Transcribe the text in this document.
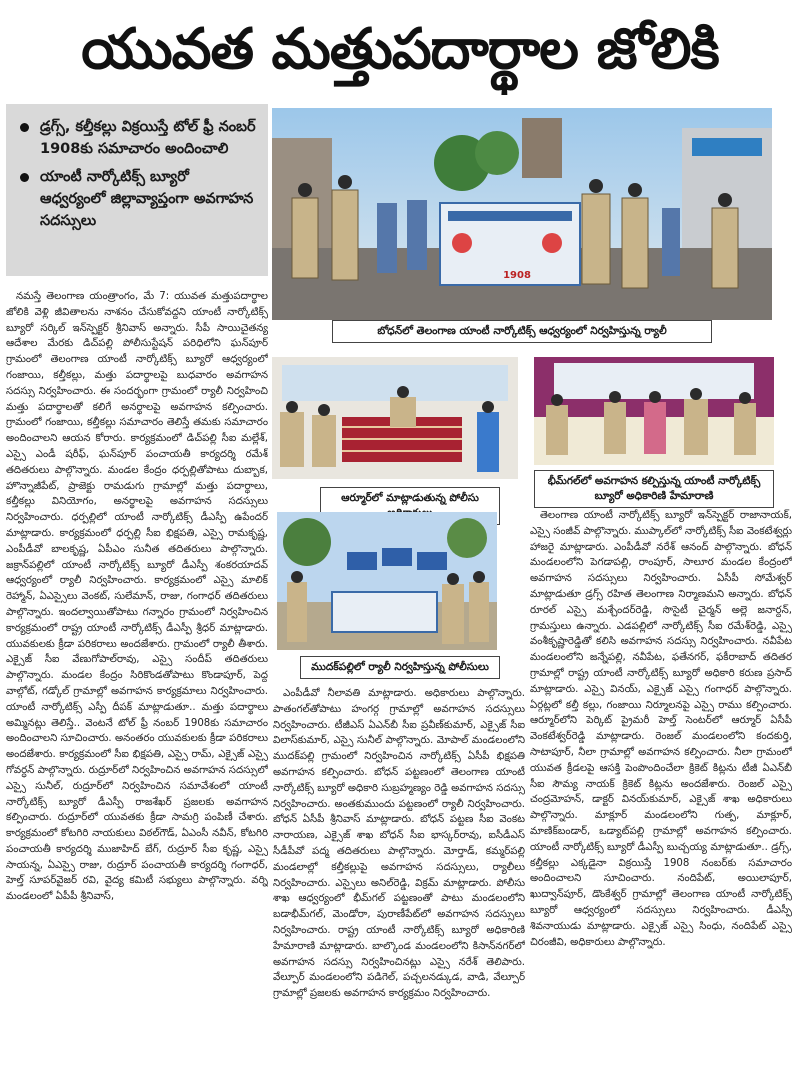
యువత మత్తుపదార్థాల జోలికి
డ్రగ్స్, కల్తీకల్లు విక్రయిస్తే టోల్ ఫ్రీ నంబర్ 1908కు సమాచారం అందించాలి
యాంటీ నార్కోటిక్స్ బ్యూరో ఆధ్వర్యంలో జిల్లావ్యాప్తంగా అవగాహన సదస్సులు
1908
బోధన్‌లో తెలంగాణ యాంటీ నార్కోటిక్స్ ఆధ్వర్యంలో నిర్వహిస్తున్న ర్యాలీ
ఆర్మూర్‌లో మాట్లాడుతున్న పోలీసు
భీమ్‌గల్‌లో అవగాహన కల్పిస్తున్న యాంటీ నార్కోటిక్స్ బ్యూరో అధికారిణి హేమారాణి
ముదక్‌పల్లిలో ర్యాలీ నిర్వహిస్తున్న పోలీసులు

నమస్తే తెలంగాణ యంత్రాంగం, మే 7: యువత మత్తుపదార్థాల జోలికి వెళ్లి జీవితాలను నాశనం చేసుకోవద్దని యాంటీ నార్కోటిక్స్ బ్యూరో సర్కిల్ ఇన్‌స్పెక్టర్ శ్రీనివాస్ అన్నారు. సీపీ సాయిచైతన్య ఆదేశాల మేరకు డిచ్‌పల్లి పోలీసుస్టేషన్ పరిధిలోని ఘన్‌పూర్ గ్రామంలో తెలంగాణ యాంటీ నార్కోటిక్స్ బ్యూరో ఆధ్వర్యంలో గంజాయి, కల్తీకల్లు, మత్తు పదార్థాలపై బుధవారం అవగాహన సదస్సు నిర్వహించారు. ఈ సందర్భంగా గ్రామంలో ర్యాలీ నిర్వహించి మత్తు పదార్థాలతో కలిగే అనర్థాలపై అవగాహన కల్పించారు. గ్రామంలో గంజాయి, కల్తీకల్లు సమాచారం తెలిస్తే తమకు సమాచారం అందించాలని ఆయన కోరారు. కార్యక్రమంలో డిచ్‌పల్లి సీఐ మల్లేశ్, ఎస్సై ఎండీ షరీఫ్, ఘన్‌పూర్ పంచాయతీ కార్యదర్శి రమేశ్ తదితరులు పాల్గొన్నారు. మండల కేంద్రం ధర్పల్లితోపాటు దుబ్బాక, హొన్నాజీపేట్, ప్రాజెక్టు రామడుగు గ్రామాల్లో మత్తు పదార్థాలు, కల్తీకల్లు వినియోగం, అనర్థాలపై అవగాహన సదస్సులు నిర్వహించారు. ధర్పల్లిలో యాంటీ నార్కోటిక్స్ డీఎస్పీ ఉపేందర్ మాట్లాడారు. కార్యక్రమంలో ధర్పల్లి సీఐ భిక్షపతి, ఎస్సై రామకృష్ణ, ఎంపీడీవో బాలకృష్ణ, ఏపీఎం సునీత తదితరులు పాల్గొన్నారు. జక్రాన్‌పల్లిలో యాంటీ నార్కోటిక్స్ బ్యూరో డీఎస్పీ శంకరయాదవ్ ఆధ్వర్యంలో ర్యాలీ నిర్వహించారు. కార్యక్రమంలో ఎస్సై మాలిక్ రెహ్మాన్, ఏఎస్సైలు వెంకట్, సులేమాన్, రాజు, గంగాధర్ తదితరులు పాల్గొన్నారు. ఇందల్వాయితోపాటు గన్నారం గ్రామంలో నిర్వహించిన కార్యక్రమంలో రాష్ట్ర యాంటీ నార్కోటిక్స్ డీఎస్పీ శ్రీధర్ మాట్లాడారు. యువకులకు క్రీడా పరికరాలు అందజేశారు. గ్రామంలో ర్యాలీ తీశారు. ఎక్సైజ్ సీఐ వేణుగోపాల్‌రావు, ఎస్సై సందీప్ తదితరులు పాల్గొన్నారు. మండల కేంద్రం సిరికొండతోపాటు కొండాపూర్, పెద్ద వాల్గోట్, గడ్కోల్ గ్రామాల్లో అవగాహన కార్యక్రమాలు నిర్వహించారు. యాంటీ నార్కోటిక్స్ ఎస్పీ దీపక్ మాట్లాడుతూ.. మత్తు పదార్థాలు అమ్మినట్లు తెలిస్తే.. వెంటనే టోల్ ఫ్రీ నంబర్ 1908కు సమాచారం అందించాలని సూచించారు. అనంతరం యువకులకు క్రీడా పరికరాలు అందజేశారు. కార్యక్రమంలో సీఐ భిక్షపతి, ఎస్సై రామ్, ఎక్సైజ్ ఎస్సై గోవర్ధన్ పాల్గొన్నారు. రుద్రూర్‌లో నిర్వహించిన అవగాహన సదస్సులో ఎస్సై సునీల్, రుద్రూర్‌లో నిర్వహించిన సమావేశంలో యాంటీ నార్కోటిక్స్ బ్యూరో డీఎస్పీ రాజశేఖర్ ప్రజలకు అవగాహన కల్పించారు. రుద్రూర్‌లో యువతకు క్రీడా సామగ్రి పంపిణీ చేశారు. కార్యక్రమంలో కోటగిరి నాయకులు విఠల్‌గౌడ్, ఏఎంసీ నవీన్, కోటగిరి పంచాయతీ కార్యదర్శి ముజాహిద్ బేగ్, రుద్రూర్ సీఐ కృష్ణ, ఎస్సై సాయన్న, ఏఎస్సై రాజు, రుద్రూర్ పంచాయతీ కార్యదర్శి గంగాధర్, హెల్త్ సూపర్‌వైజర్ రవి, వైద్య కమిటీ సభ్యులు పాల్గొన్నారు. వర్ని మండలంలో ఏపీపీ శ్రీనివాస్,

ఎంపీడీవో నీలావతి మాట్లాడారు. అధికారులు పాల్గొన్నారు. పాతంగల్‌తోపాటు హంగర్గ గ్రామాల్లో అవగాహన సదస్సులు నిర్వహించారు. టీజీఎస్ ఏఎన్‌బీ సీఐ ప్రవీణ్‌కుమార్, ఎక్సైజ్ సీఐ విలాస్‌కుమార్, ఎస్సై సునీల్ పాల్గొన్నారు. మోపాల్ మండలంలోని ముదక్‌పల్లి గ్రామంలో నిర్వహించిన నార్కోటిక్స్ ఏసీపీ భిక్షపతి అవగాహన కల్పించారు. బోధన్ పట్టణంలో తెలంగాణ యాంటీ నార్కోటిక్స్ బ్యూరో అధికారి సుబ్రహ్మణ్యం రెడ్డి అవగాహన సదస్సు నిర్వహించారు. అంతకుముందు పట్టణంలో ర్యాలీ నిర్వహించారు. బోధన్ ఏసీపీ శ్రీనివాస్ మాట్లాడారు. బోధన్ పట్టణ సీఐ వెంకట నారాయణ, ఎక్సైజ్ శాఖ బోధన్ సీఐ భాస్కర్‌రావు, ఐసీడీఎస్ సీడీపీవో పద్మ తదితరులు పాల్గొన్నారు. మోర్తాడ్, కమ్మర్‌పల్లి మండలాల్లో కల్తీకల్లుపై అవగాహన సదస్సులు, ర్యాలీలు నిర్వహించారు. ఎస్సైలు అనిల్‌రెడ్డి, విక్రమ్ మాట్లాడారు. పోలీసు శాఖ ఆధ్వర్యంలో భీమ్‌గల్ పట్టణంతో పాటు మండలంలోని బడాభీమ్‌గల్, మెండోరా, పురాణీపేట్‌లో అవగాహన సదస్సులు నిర్వహించారు. రాష్ట్ర యాంటీ నార్కోటిక్స్ బ్యూరో అధికారిణి హేమారాణి మాట్లాడారు. బాల్కొండ మండలంలోని కిసాన్‌నగర్‌లో అవగాహన సదస్సు నిర్వహించినట్లు ఎస్సై నరేశ్ తెలిపారు. వేల్పూర్ మండలంలోని పడిగెల్, పచ్చలనడ్కుడ, వాడి, వేల్పూర్ గ్రామాల్లో ప్రజలకు అవగాహన కార్యక్రమం నిర్వహించారు.

తెలంగాణ యాంటీ నార్కోటిక్స్ బ్యూరో ఇన్‌స్పెక్టర్ రాజానాయక్, ఎస్సై సంజీవ్ పాల్గొన్నారు. ముప్కాల్‌లో నార్కోటిక్స్ సీఐ వెంకటేశ్వర్లు హాజరై మాట్లాడారు. ఎంపీడీవో నరేశ్ ఆనంద్ పాల్గొన్నారు. బోధన్ మండలంలోని పెగడాపల్లి, రాంపూర్, సాలూర మండల కేంద్రంలో అవగాహన సదస్సులు నిర్వహించారు. ఏసీపీ సోమేశ్వర్ మాట్లాడుతూ డ్రగ్స్ రహిత తెలంగాణ నిర్మాణమని అన్నారు. బోధన్ రూరల్ ఎస్సై మశ్చేందర్‌రెడ్డి, సొసైటీ చైర్మన్ అల్లె జనార్దన్, గ్రామస్తులు ఉన్నారు. ఎడపల్లిలో నార్కోటిక్స్ సీఐ రమేశ్‌రెడ్డి, ఎస్సై వంశీకృష్ణారెడ్డితో కలిసి అవగాహన సదస్సు నిర్వహించారు. నవీపేట మండలంలోని జన్నేపల్లి, నవీపేట, ఫతేనగర్, ఫకీరాబాద్ తదితర గ్రామాల్లో రాష్ట్ర యాంటీ నార్కోటిక్స్ బ్యూరో అధికారి కరుణ ప్రసాద్ మాట్లాడారు. ఎస్సై వినయ్, ఎక్సైజ్ ఎస్సై గంగాధర్ పాల్గొన్నారు. ఏర్గట్లలో కల్తీ కల్లు, గంజాయి నిర్మూలనపై ఎస్సై రాము కల్పించారు. ఆర్మూర్‌లోని పెర్కిట్ ప్రైమరీ హెల్త్ సెంటర్‌లో ఆర్మూర్ ఏసీపీ వెంకటేశ్వర్‌రెడ్డి మాట్లాడారు. రెంజల్ మండలంలోని కందకుర్తి, సాటాపూర్, నీలా గ్రామాల్లో అవగాహన కల్పించారు. నీలా గ్రామంలో యువత క్రీడలపై ఆసక్తి పెంపొందించేలా క్రికెట్ కిట్లను టీజీ ఏఎన్‌బీ సీఐ సౌమ్య నాయక్ క్రికెట్ కిట్లను అందజేశారు. రెంజల్ ఎస్సై చంద్రమోహన్, డాక్టర్ వినయ్‌కుమార్, ఎక్సైజ్ శాఖ అధికారులు పాల్గొన్నారు. మాక్లూర్ మండలంలోని గుత్ప, మాక్లూర్, మాణిక్‌బండార్, ఒడ్యాట్‌పల్లి గ్రామాల్లో అవగాహన కల్పించారు. యాంటీ నార్కోటిక్స్ బ్యూరో డీఎస్పీ బుచ్చయ్య మాట్లాడుతూ.. డ్రగ్స్, కల్తీకల్లు ఎక్కడైనా విక్రయిస్తే 1908 నంబర్‌కు సమాచారం అందించాలని సూచించారు. నందిపేట్, అయిలాపూర్, ఖుద్వాన్‌పూర్, డొంకేశ్వర్ గ్రామాల్లో తెలంగాణ యాంటీ నార్కోటిక్స్ బ్యూరో ఆధ్వర్యంలో సదస్సులు నిర్వహించారు. డీఎస్పీ శివనాయుడు మాట్లాడారు. ఎక్సైజ్ ఎస్సై సింధు, నందిపేట్ ఎస్సై చిరంజీవి, అధికారులు పాల్గొన్నారు.
